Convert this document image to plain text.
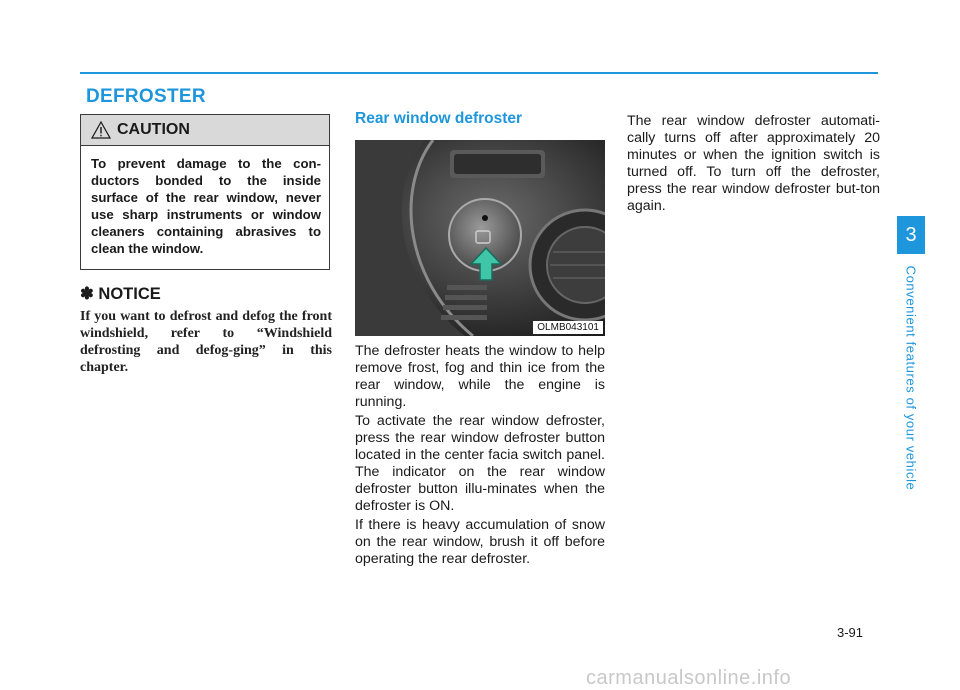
DEFROSTER
CAUTION

To prevent damage to the con-ductors bonded to the inside surface of the rear window, never use sharp instruments or window cleaners containing abrasives to clean the window.

✽ NOTICE

If you want to defrost and defog the front windshield, refer to “Windshield defrosting and defog-ging” in this chapter.

Rear window defroster
OLMB043101

The defroster heats the window to help remove frost, fog and thin ice from the rear window, while the engine is running.

To activate the rear window defroster, press the rear window defroster button located in the center facia switch panel. The indicator on the rear window defroster button illu-minates when the defroster is ON.

If there is heavy accumulation of snow on the rear window, brush it off before operating the rear defroster.

The rear window defroster automati-cally turns off after approximately 20 minutes or when the ignition switch is turned off. To turn off the defroster, press the rear window defroster but-ton again.

3
Convenient features of your vehicle

3-91

carmanualsonline.info
